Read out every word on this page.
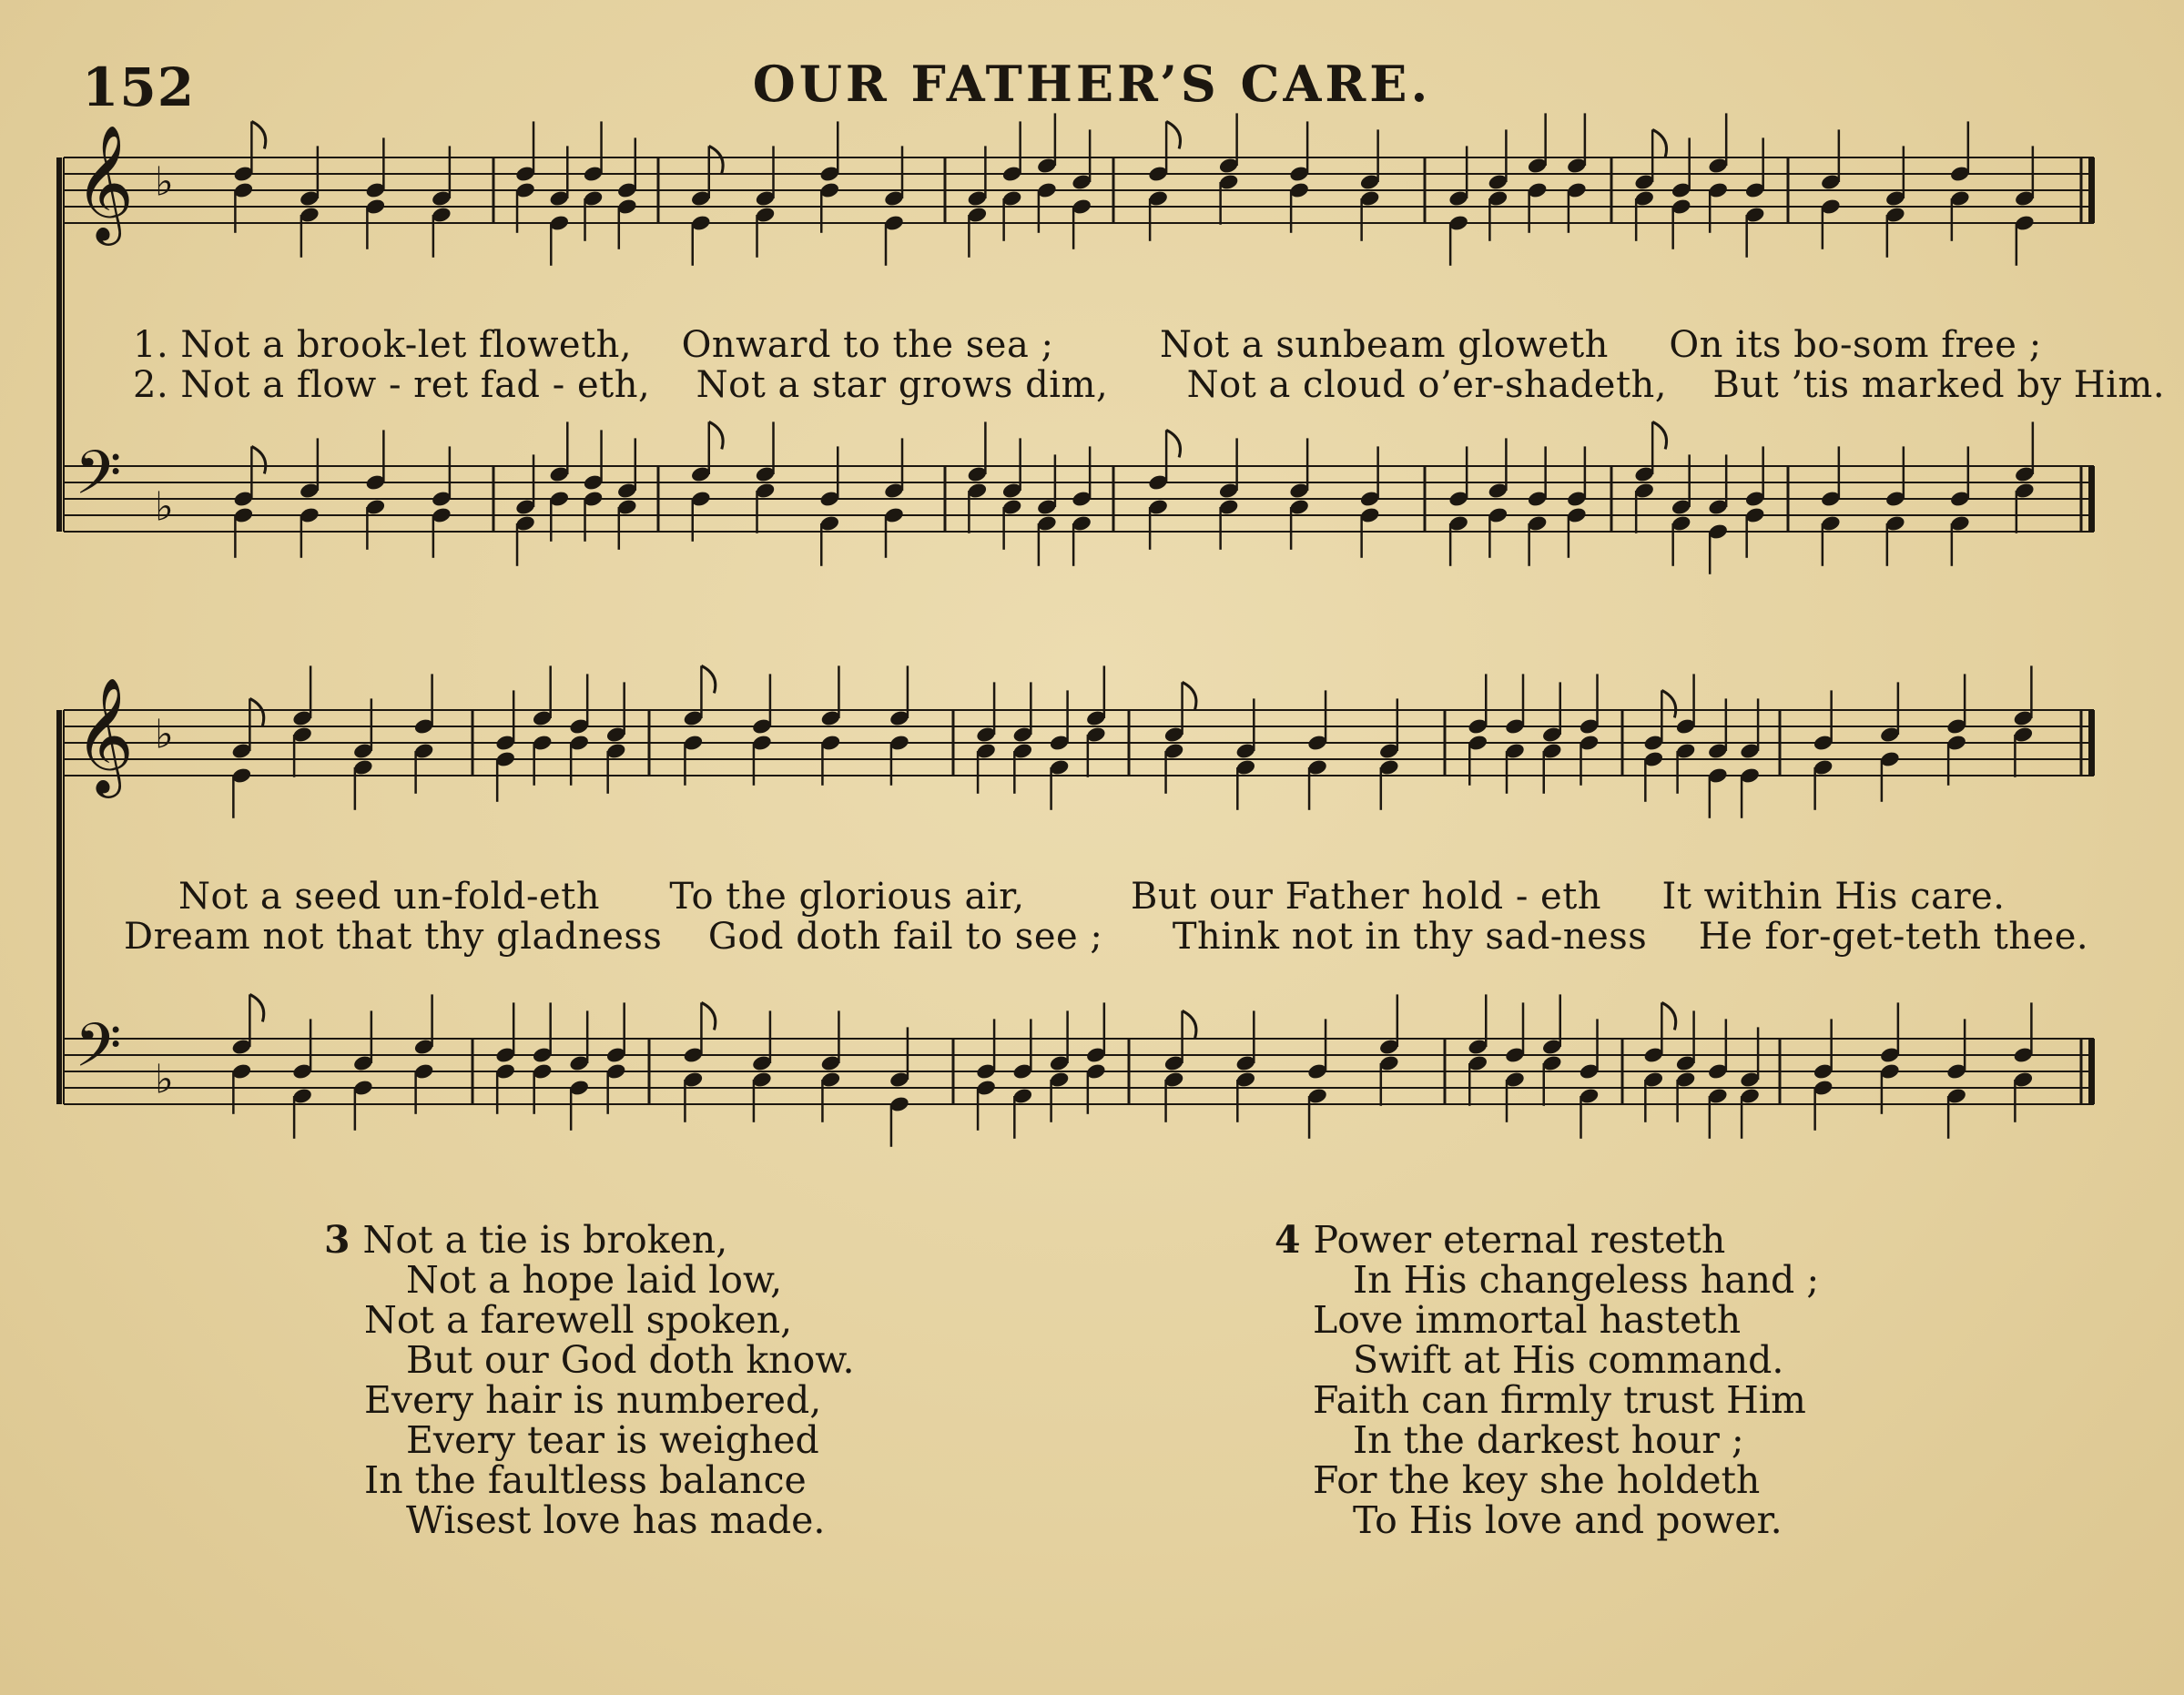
152	OUR FATHER’S CARE.
𝄞 ♭
𝄢 ♭
𝄞 ♭
𝄢 ♭
1. Not a brook-let floweth, Onward to the sea ;	Not a sunbeam gloweth On its bo-som free ;
2. Not a flow - ret fad - eth, Not a star grows dim, Not a cloud o’er-shadeth, But ’tis marked by Him.
Not a seed un-fold-eth To the glorious air,	But our Father hold - eth It within His care.
Dream not that thy gladness God doth fail to see ; Think not in thy sad-ness He for-get-teth thee.
3 Not a tie is broken,
Not a hope laid low,
Not a farewell spoken,
But our God doth know.
Every hair is numbered,
Every tear is weighed
In the faultless balance
Wisest love has made.
4 Power eternal resteth
In His changeless hand ;
Love immortal hasteth
Swift at His command.
Faith can firmly trust Him
In the darkest hour ;
For the key she holdeth
To His love and power.
